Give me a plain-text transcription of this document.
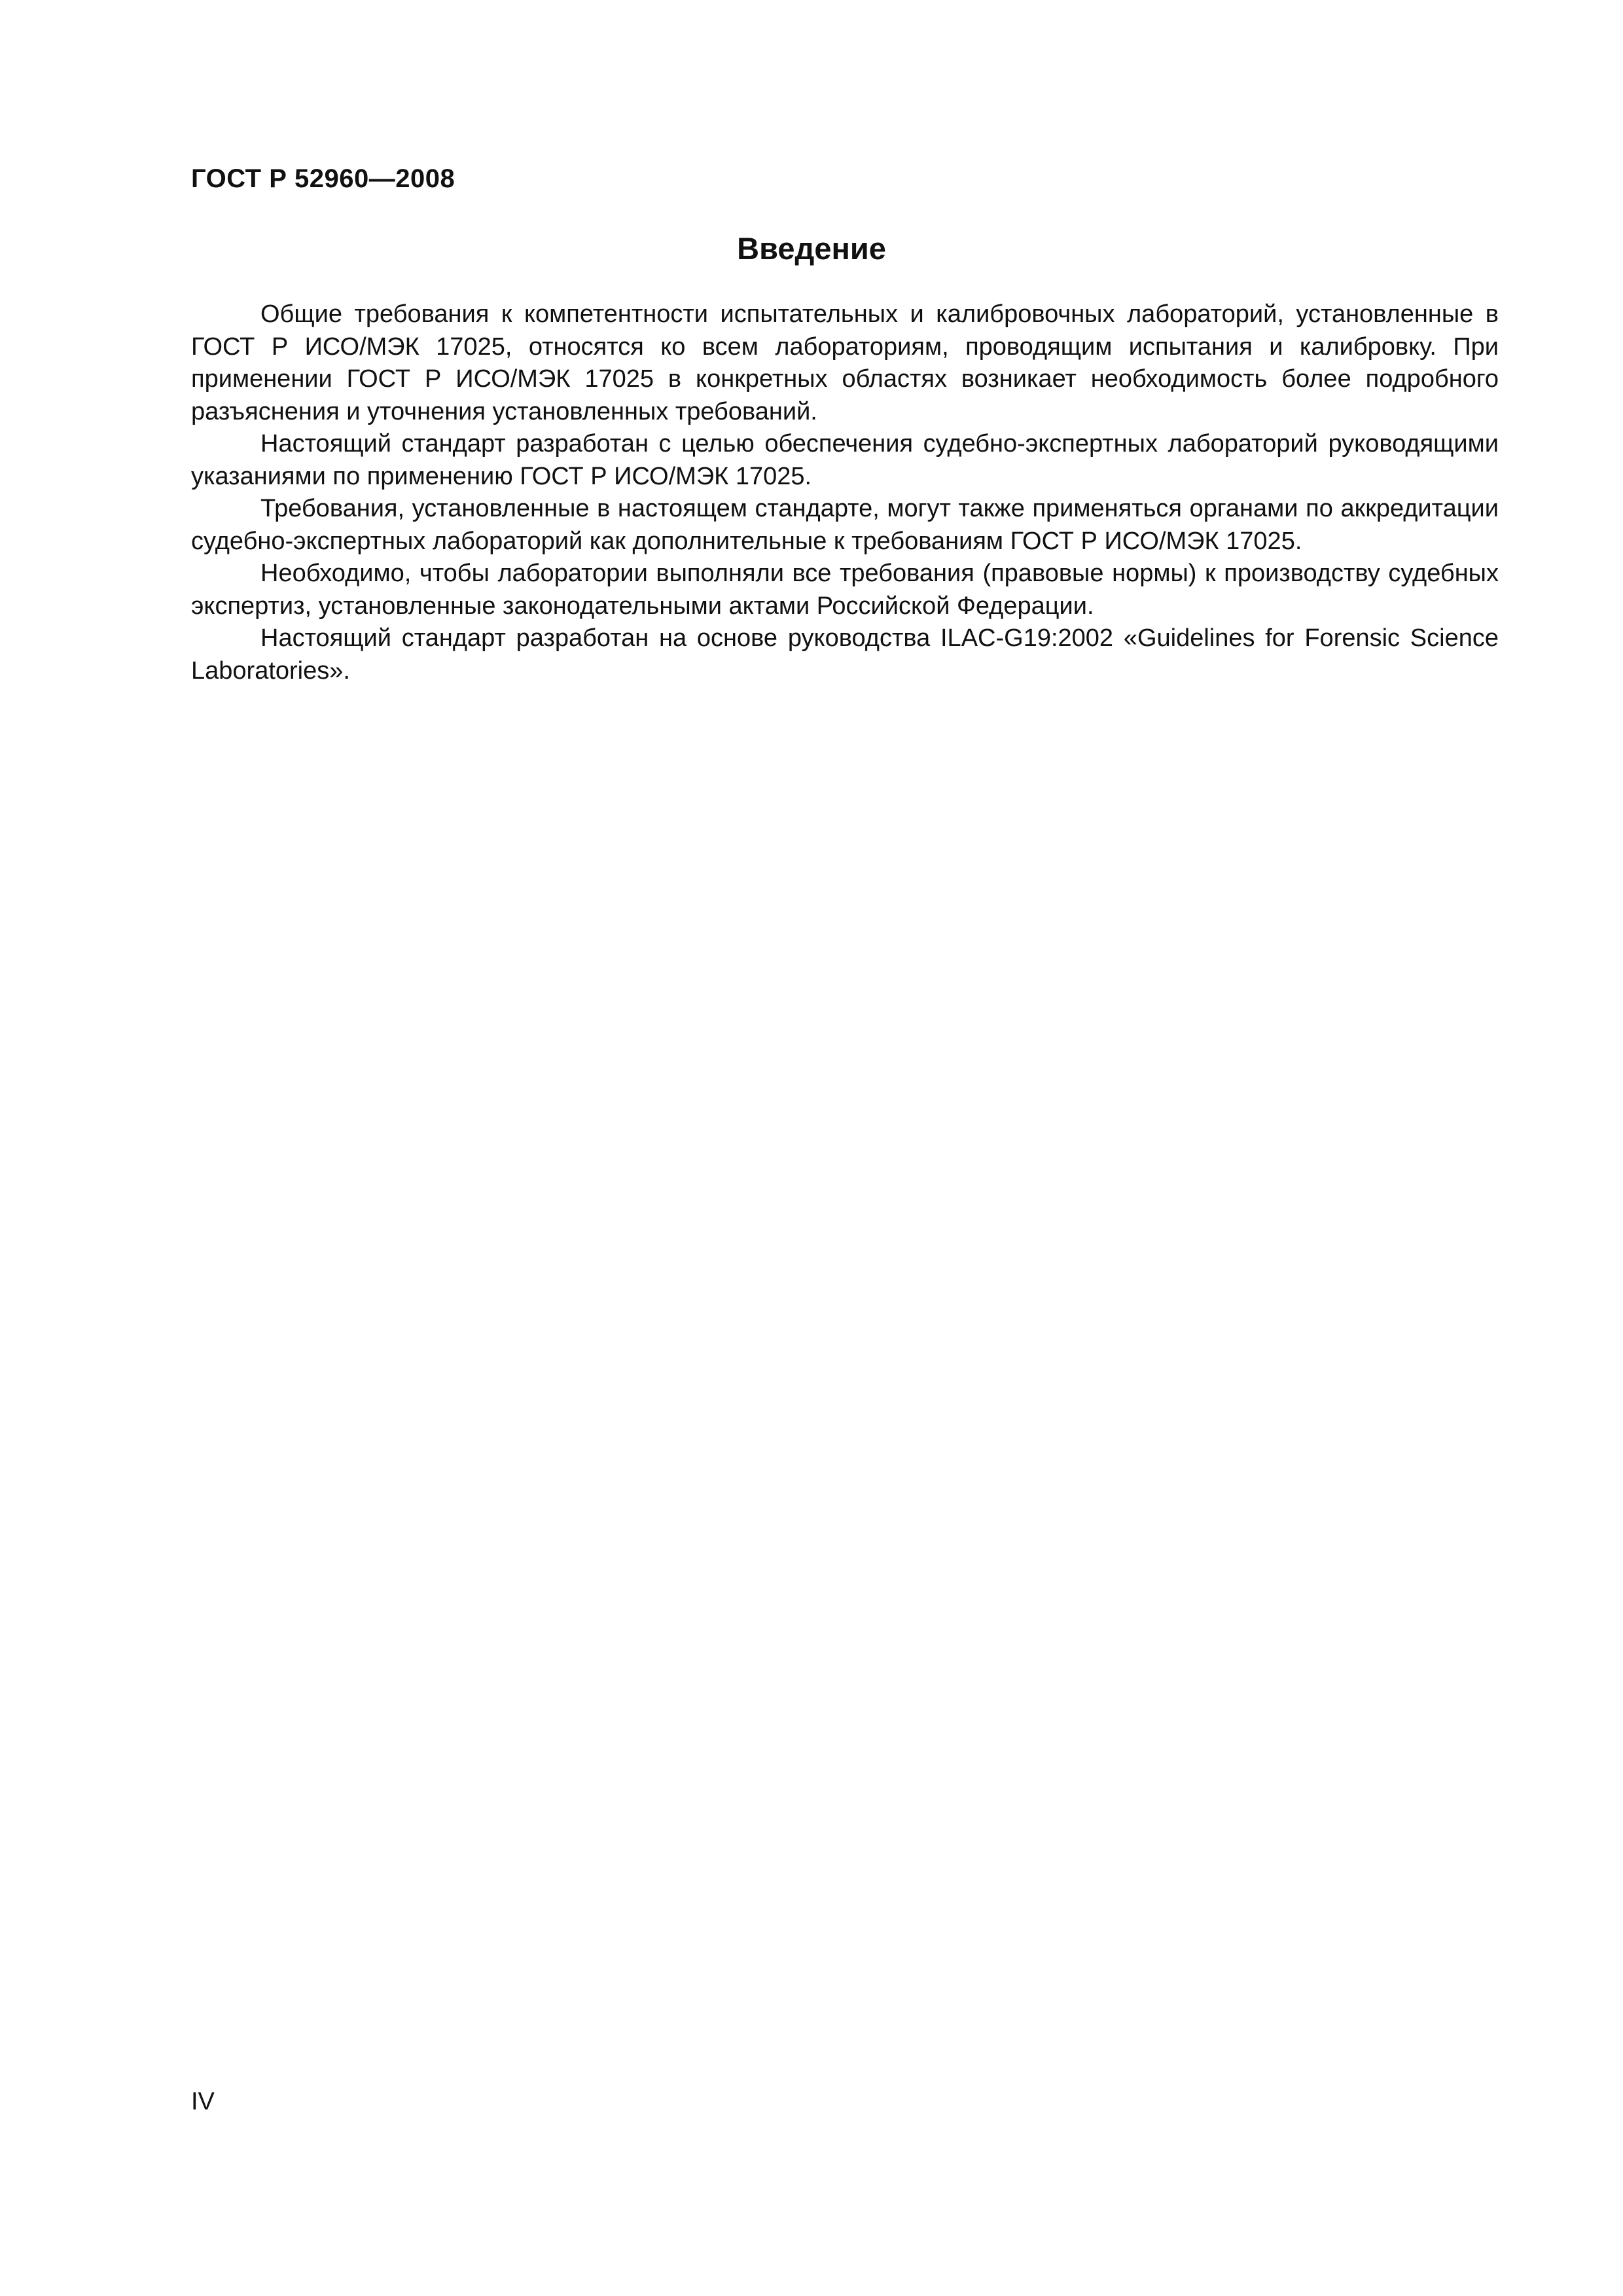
ГОСТ Р 52960—2008
Введение

Общие требования к компетентности испытательных и калибровочных лабораторий, установленные в ГОСТ Р ИСО/МЭК 17025, относятся ко всем лабораториям, проводящим испытания и калибровку. При применении ГОСТ Р ИСО/МЭК 17025 в конкретных областях возникает необходимость более подробного разъяснения и уточнения установленных требований.

Настоящий стандарт разработан с целью обеспечения судебно-экспертных лабораторий руководящими указаниями по применению ГОСТ Р ИСО/МЭК 17025.

Требования, установленные в настоящем стандарте, могут также применяться органами по аккредитации судебно-экспертных лабораторий как дополнительные к требованиям ГОСТ Р ИСО/МЭК 17025.

Необходимо, чтобы лаборатории выполняли все требования (правовые нормы) к производству судебных экспертиз, установленные законодательными актами Российской Федерации.

Настоящий стандарт разработан на основе руководства ILAC-G19:2002 «Guidelines for Forensic Science Laboratories».

IV
